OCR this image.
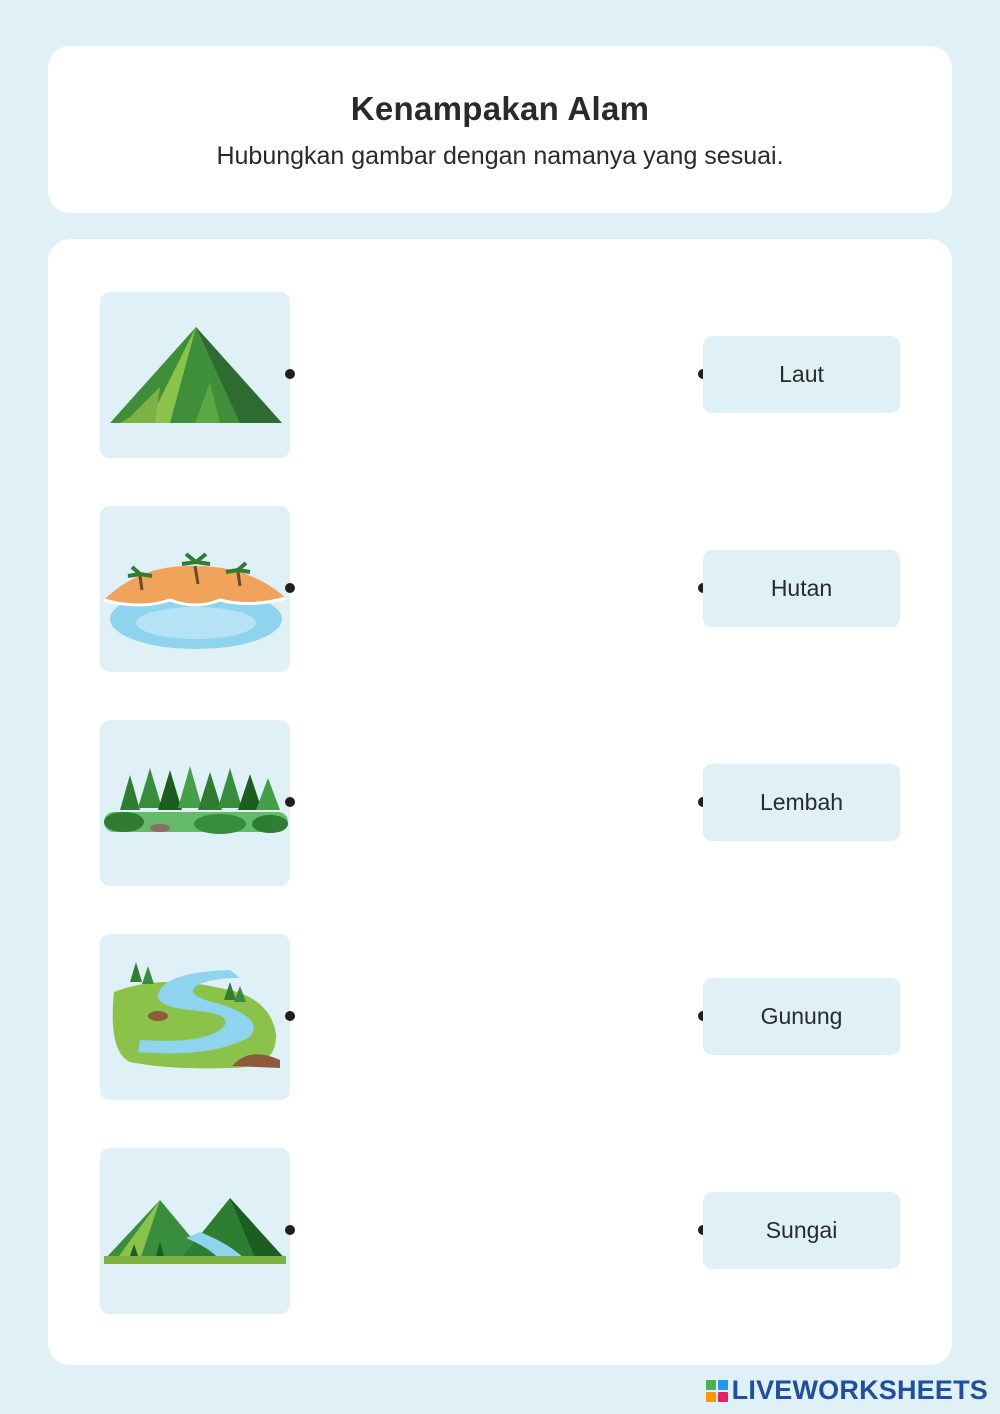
Kenampakan Alam
Hubungkan gambar dengan namanya yang sesuai.
Laut
Hutan
Lembah
Gunung
Sungai
LIVEWORKSHEETS
